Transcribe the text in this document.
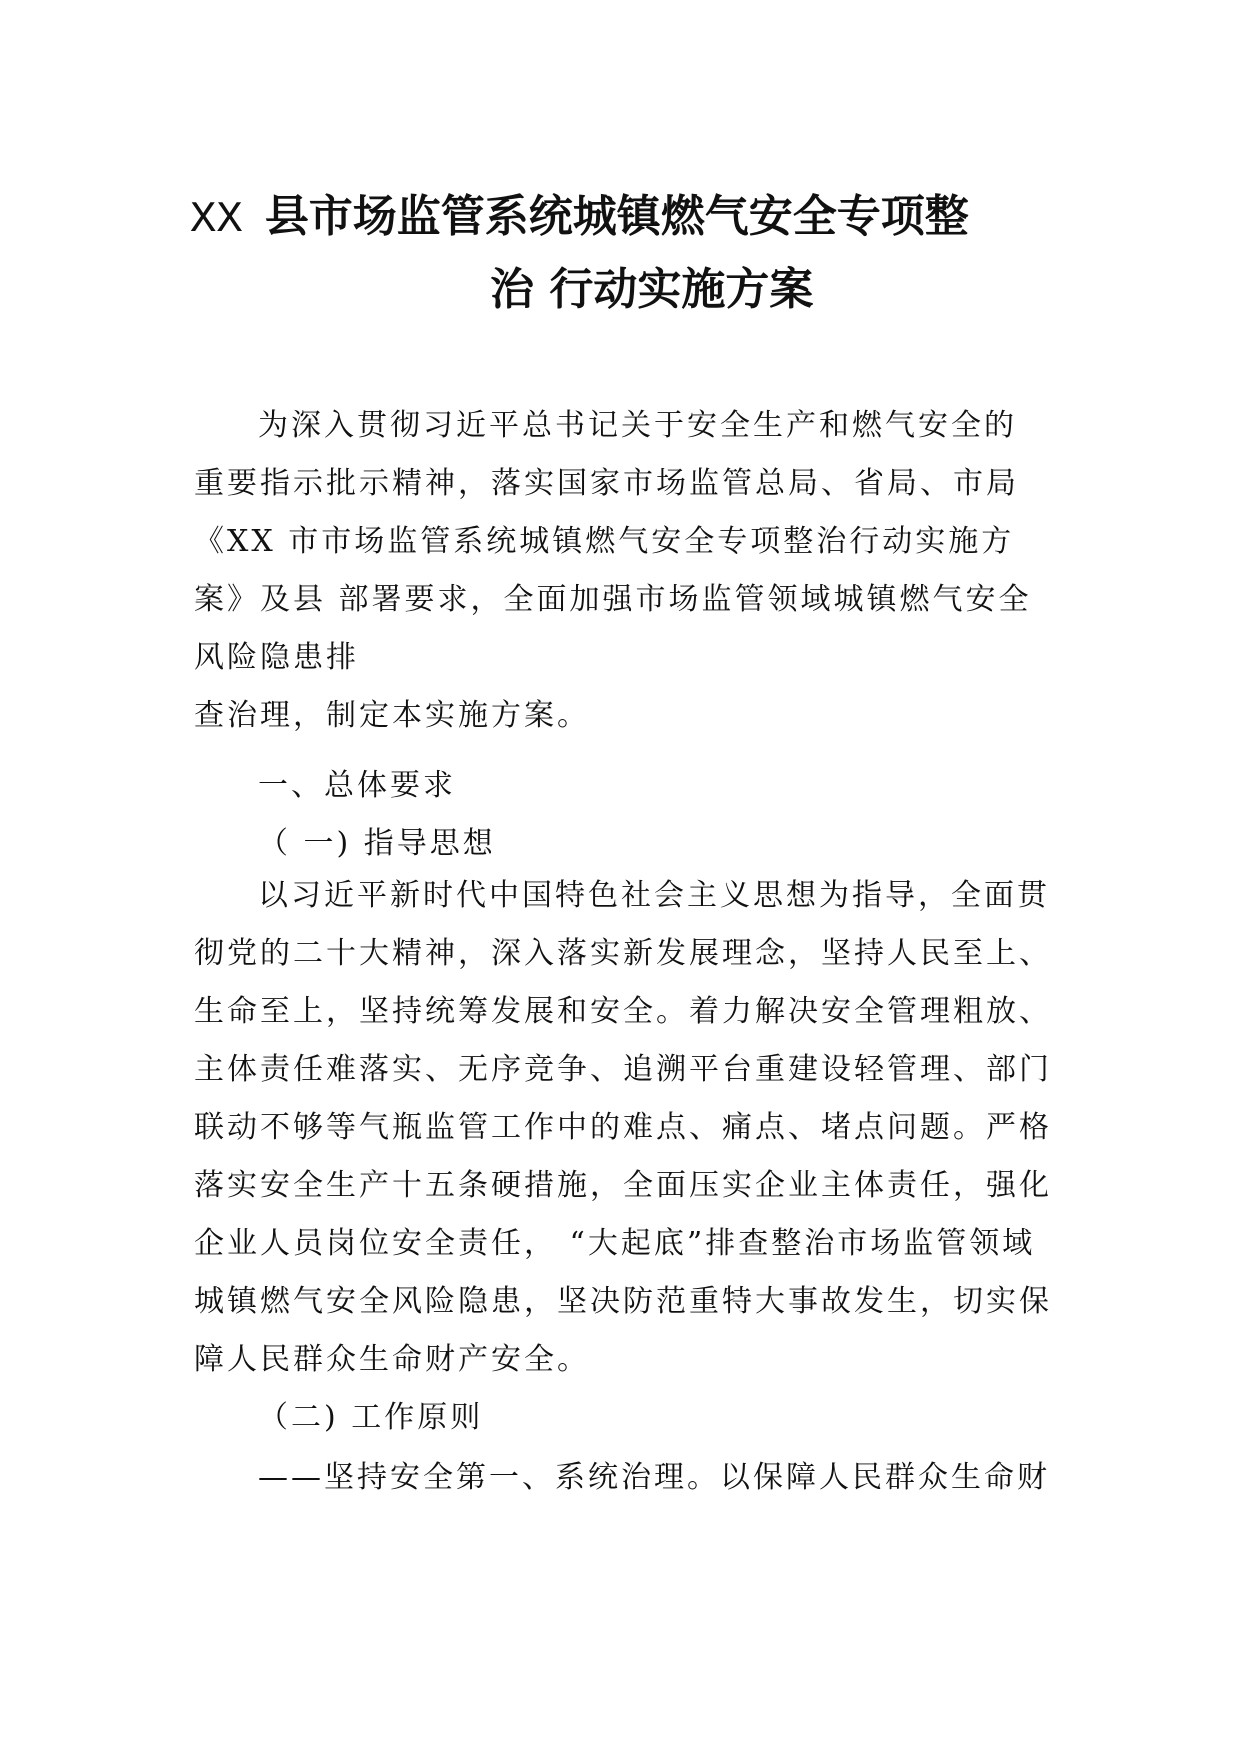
XX 县市场监管系统城镇燃气安全专项整
治 行动实施方案
为深入贯彻习近平总书记关于安全生产和燃气安全的
重要指示批示精神，落实国家市场监管总局、省局、市局
《XX 市市场监管系统城镇燃气安全专项整治行动实施方
案》及县 部署要求，全面加强市场监管领域城镇燃气安全
风险隐患排
查治理，制定本实施方案。
一、总体要求
（ 一) 指导思想
以习近平新时代中国特色社会主义思想为指导，全面贯
彻党的二十大精神，深入落实新发展理念，坚持人民至上、
生命至上，坚持统筹发展和安全。着力解决安全管理粗放、
主体责任难落实、无序竞争、追溯平台重建设轻管理、部门
联动不够等气瓶监管工作中的难点、痛点、堵点问题。严格
落实安全生产十五条硬措施，全面压实企业主体责任，强化
企业人员岗位安全责任， “大起底”排查整治市场监管领域
城镇燃气安全风险隐患，坚决防范重特大事故发生，切实保
障人民群众生命财产安全。
（二) 工作原则
——坚持安全第一、系统治理。以保障人民群众生命财
